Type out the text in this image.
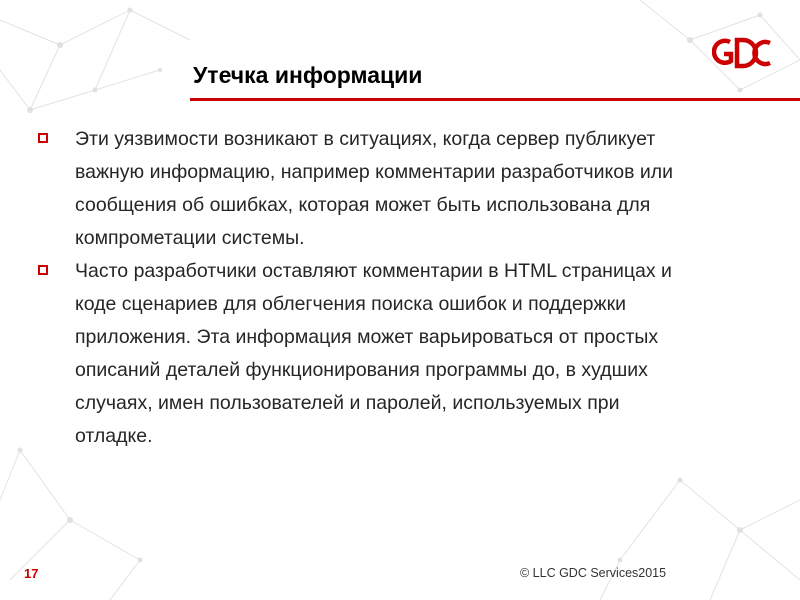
Утечка информации
Эти уязвимости возникают в ситуациях, когда сервер публикует
важную информацию, например комментарии разработчиков или
сообщения об ошибках, которая может быть использована для
компрометации системы.
Часто разработчики оставляют комментарии в HTML страницах и
коде сценариев для облегчения поиска ошибок и поддержки
приложения. Эта информация может варьироваться от простых
описаний деталей функционирования программы до, в худших
случаях, имен пользователей и паролей, используемых при
отладке.
17	© LLC GDC Services2015
